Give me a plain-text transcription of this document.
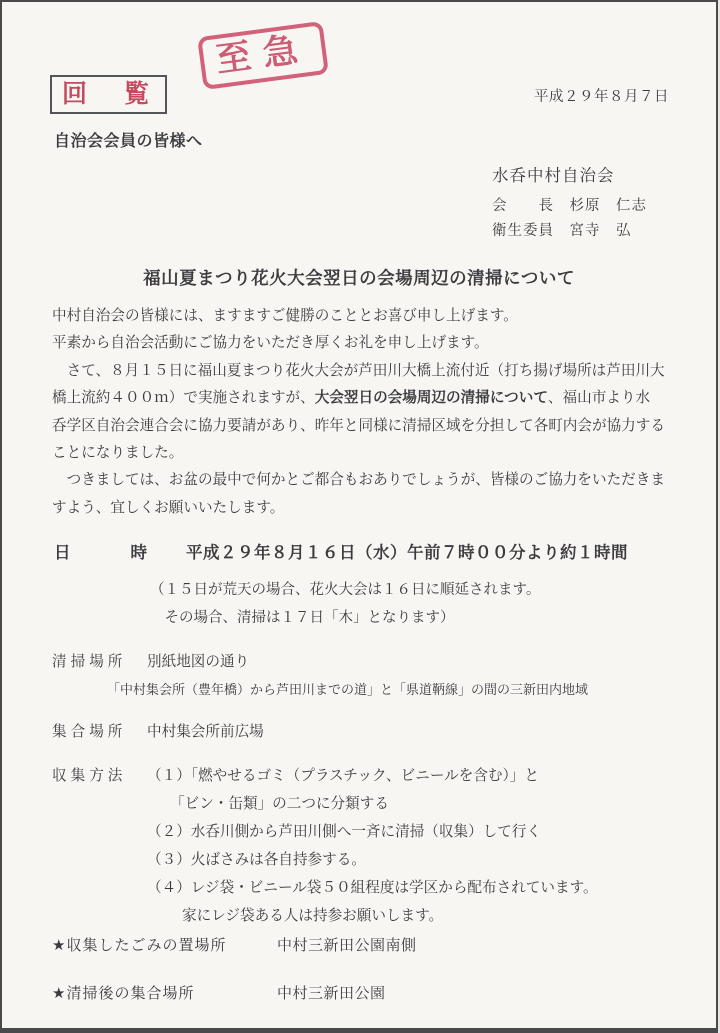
至急
回　覧	平成２９年８月７日
自治会会員の皆様へ
水呑中村自治会
会　　長　杉原　仁志
衛生委員　宮寺　弘
福山夏まつり花火大会翌日の会場周辺の清掃について
中村自治会の皆様には、ますますご健勝のこととお喜び申し上げます。
平素から自治会活動にご協力をいただき厚くお礼を申し上げます。
　さて、８月１５日に福山夏まつり花火大会が芦田川大橋上流付近（打ち揚げ場所は芦田川大
橋上流約４００ｍ）で実施されますが、大会翌日の会場周辺の清掃について、福山市より水
呑学区自治会連合会に協力要請があり、昨年と同様に清掃区域を分担して各町内会が協力する
ことになりました。
　つきましては、お盆の最中で何かとご都合もおありでしょうが、皆様のご協力をいただきま
すよう、宜しくお願いいたします。
日　　時 平成２９年８月１６日（水）午前７時００分より約１時間
（１５日が荒天の場合、花火大会は１６日に順延されます。
　その場合、清掃は１７日「木」となります）
清掃場所 別紙地図の通り
「中村集会所（豊年橋）から芦田川までの道」と「県道鞆線」の間の三新田内地域
集合場所 中村集会所前広場
収集方法 （１）「燃やせるゴミ（プラスチック、ビニールを含む）」と
「ビン・缶類」の二つに分類する
（２）水呑川側から芦田川側へ一斉に清掃（収集）して行く
（３）火ばさみは各自持参する。
（４）レジ袋・ビニール袋５０組程度は学区から配布されています。
家にレジ袋ある人は持参お願いします。
★収集したごみの置場所	中村三新田公園南側
★清掃後の集合場所	中村三新田公園
